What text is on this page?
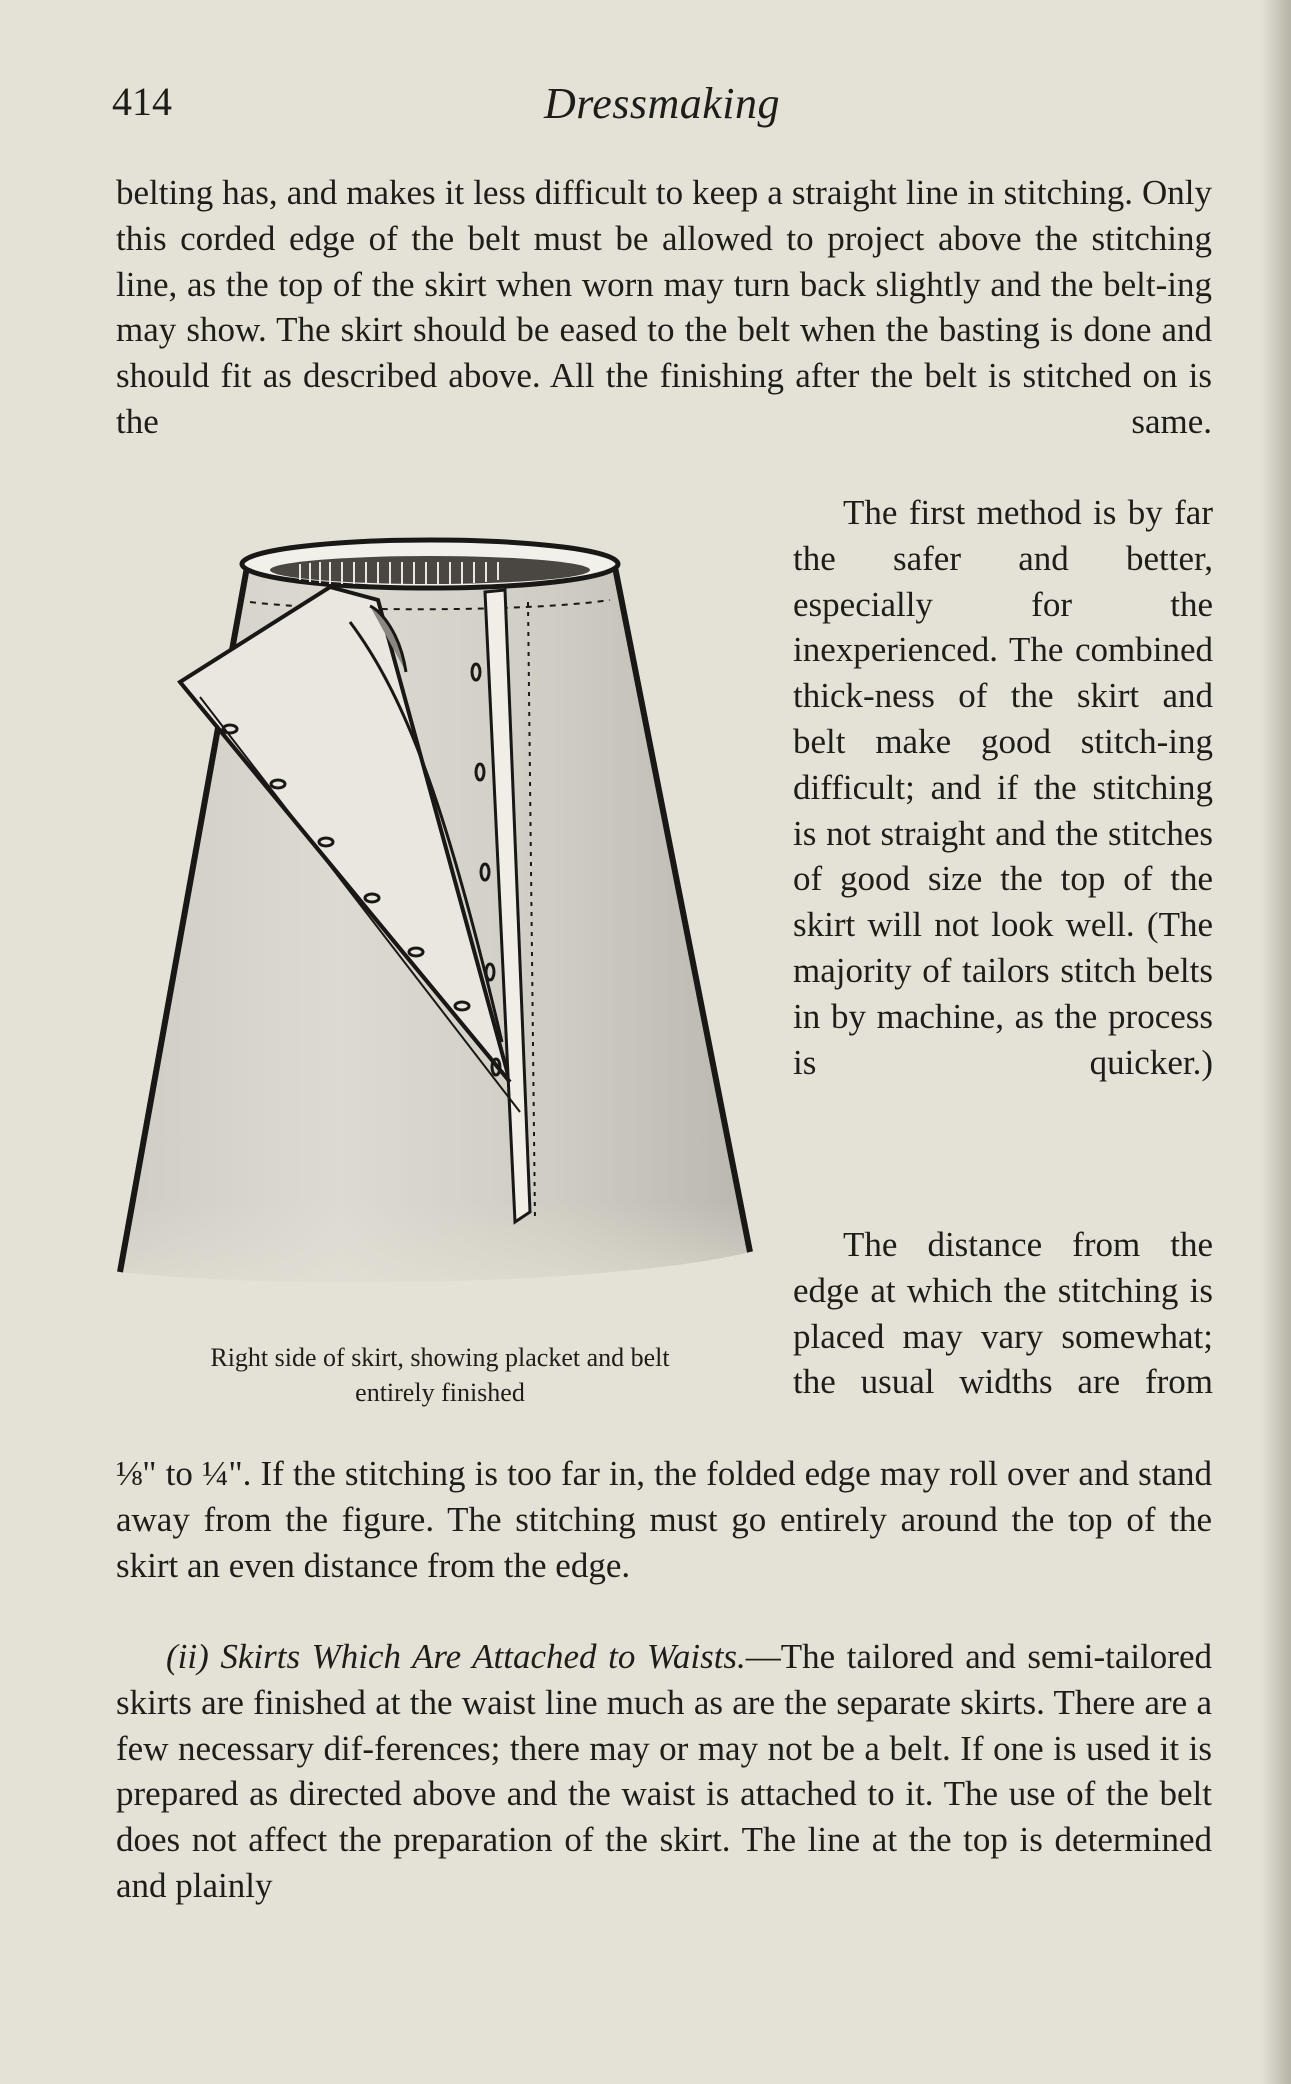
414	Dressmaking

belting has, and makes it less difficult to keep a straight line in stitching. Only this corded edge of the belt must be allowed to project above the stitching line, as the top of the skirt when worn may turn back slightly and the belt-ing may show. The skirt should be eased to the belt when the basting is done and should fit as described above. All the finishing after the belt is stitched on is the same.

The first method is by far the safer and better, especially for the inexperienced. The combined thick-ness of the skirt and belt make good stitch-ing difficult; and if the stitching is not straight and the stitches of good size the top of the skirt will not look well. (The majority of tailors stitch belts in by machine, as the process is quicker.)

The distance from the edge at which the stitching is placed may vary somewhat; the usual widths are from

⅛" to ¼". If the stitching is too far in, the folded edge may roll over and stand away from the figure. The stitching must go entirely around the top of the skirt an even distance from the edge.

(ii) Skirts Which Are Attached to Waists.—The tailored and semi-tailored skirts are finished at the waist line much as are the separate skirts. There are a few necessary dif-ferences; there may or may not be a belt. If one is used it is prepared as directed above and the waist is attached to it. The use of the belt does not affect the preparation of the skirt. The line at the top is determined and plainly

Right side of skirt, showing placket and belt
entirely finished
